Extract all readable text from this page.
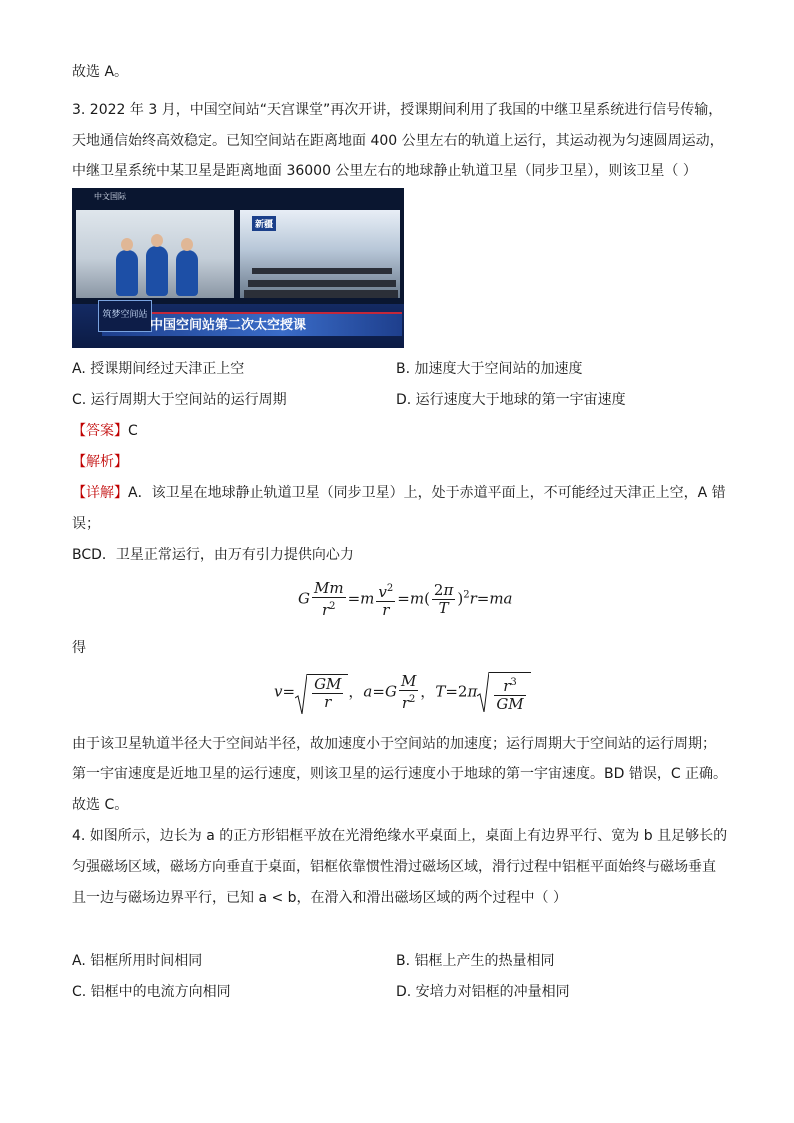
故选 A。
3. 2022 年 3 月，中国空间站“天宫课堂”再次开讲，授课期间利用了我国的中继卫星系统进行信号传输，
天地通信始终高效稳定。已知空间站在距离地面 400 公里左右的轨道上运行，其运动视为匀速圆周运动，
中继卫星系统中某卫星是距离地面 36000 公里左右的地球静止轨道卫星（同步卫星），则该卫星（ ）
中文国际
新疆
筑梦空间站
中国空间站第二次太空授课
A. 授课期间经过天津正上空	B. 加速度大于空间站的加速度
C. 运行周期大于空间站的运行周期	D. 运行速度大于地球的第一宇宙速度
【答案】C
【解析】
【详解】A．该卫星在地球静止轨道卫星（同步卫星）上，处于赤道平面上，不可能经过天津正上空，A 错
误；
BCD．卫星正常运行，由万有引力提供向心力
G $\frac{Mm}{r^2} =m \frac{v^2}{r} =m( \frac{2\pi}{T} )^2r=ma$
得
$v= \frac{GM}{r}$ ，$a=G \frac{M}{r^2}$ ，$T=2\pi \frac{r^3}{GM}$
由于该卫星轨道半径大于空间站半径，故加速度小于空间站的加速度；运行周期大于空间站的运行周期；
第一宇宙速度是近地卫星的运行速度，则该卫星的运行速度小于地球的第一宇宙速度。BD 错误，C 正确。
故选 C。
4. 如图所示，边长为 a 的正方形铝框平放在光滑绝缘水平桌面上，桌面上有边界平行、宽为 b 且足够长的
匀强磁场区域，磁场方向垂直于桌面，铝框依靠惯性滑过磁场区域，滑行过程中铝框平面始终与磁场垂直
且一边与磁场边界平行，已知 a < b，在滑入和滑出磁场区域的两个过程中（ ）
A. 铝框所用时间相同	B. 铝框上产生的热量相同
C. 铝框中的电流方向相同	D. 安培力对铝框的冲量相同
